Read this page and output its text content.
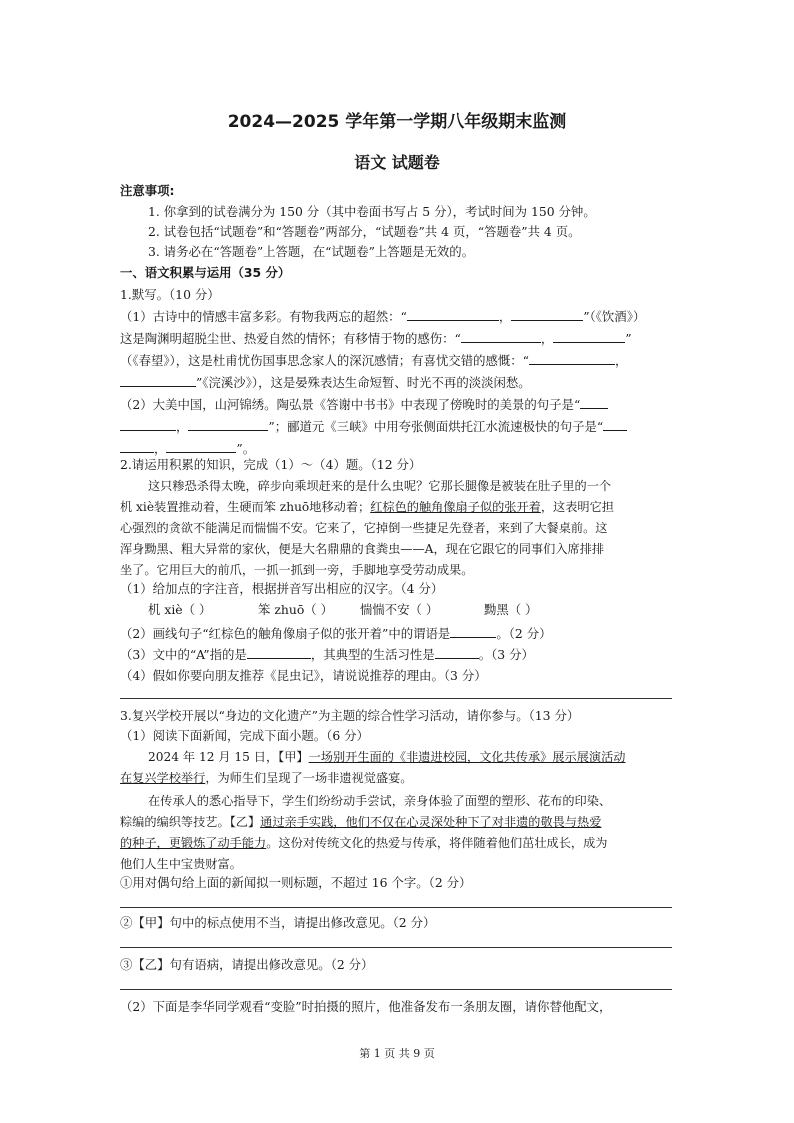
2024—2025 学年第一学期八年级期末监测
语文 试题卷
注意事项:
1. 你拿到的试卷满分为 150 分（其中卷面书写占 5 分），考试时间为 150 分钟。
2. 试卷包括“试题卷”和“答题卷”两部分，“试题卷”共 4 页，“答题卷”共 4 页。
3. 请务必在“答题卷”上答题，在“试题卷”上答题是无效的。
一、语文积累与运用（35 分）
1.默写。（10 分）
（1）古诗中的情感丰富多彩。有物我两忘的超然：“	，	”（《饮酒》）
这是陶渊明超脱尘世、热爱自然的情怀；有移情于物的感伤：“	，	”
（《春望》），这是杜甫忧伤国事思念家人的深沉感情；有喜忧交错的感慨：“	，
”《浣溪沙》），这是晏殊表达生命短暂、时光不再的淡淡闲愁。
（2）大美中国，山河锦绣。陶弘景《答谢中书书》中表现了傍晚时的美景的句子是“
，	”；郦道元《三峡》中用夸张侧面烘托江水流速极快的句子是“
，	”。
2.请运用积累的知识，完成（1）～（4）题。（12 分）
这只糁恐杀得太晚，碎步向乘坝赶来的是什么虫呢？它那长腿像是被装在肚子里的一个
机 xiè装置推动着，生硬而笨 zhuō地移动着；红棕色的触角像扇子似的张开着，这表明它担
心强烈的贪欲不能满足而惴惴不安。它来了，它掉倒一些捷足先登者，来到了大餐桌前。这
浑身黝黑、粗大异常的家伙，便是大名鼎鼎的食粪虫——A，现在它跟它的同事们入席排排
坐了。它用巨大的前爪，一抓一抓到一旁，手脚地享受劳动成果。
（1）给加点的字注音，根据拼音写出相应的汉字。（4 分）
机 xiè（ ）	笨 zhuō（ ） 惴惴不安（ ）	黝黑（ ）
（2）画线句子“红棕色的触角像扇子似的张开着”中的谓语是	。（2 分）
（3）文中的“A”指的是	，其典型的生活习性是	。（3 分）
（4）假如你要向朋友推荐《昆虫记》，请说说推荐的理由。（3 分）
3.复兴学校开展以“身边的文化遗产”为主题的综合性学习活动，请你参与。（13 分）
（1）阅读下面新闻，完成下面小题。（6 分）
2024 年 12 月 15 日，【甲】一场别开生面的《非遗进校园，文化共传承》展示展演活动
在复兴学校举行，为师生们呈现了一场非遗视觉盛宴。
在传承人的悉心指导下，学生们纷纷动手尝试，亲身体验了面塑的塑形、花布的印染、
粽编的编织等技艺。【乙】通过亲手实践，他们不仅在心灵深处种下了对非遗的敬畏与热爱
的种子，更锻炼了动手能力。这份对传统文化的热爱与传承，将伴随着他们茁壮成长，成为
他们人生中宝贵财富。
①用对偶句给上面的新闻拟一则标题，不超过 16 个字。（2 分）
②【甲】句中的标点使用不当，请提出修改意见。（2 分）
③【乙】句有语病，请提出修改意见。（2 分）
（2）下面是李华同学观看“变脸”时拍摄的照片，他准备发布一条朋友圈，请你替他配文，
第 1 页 共 9 页
